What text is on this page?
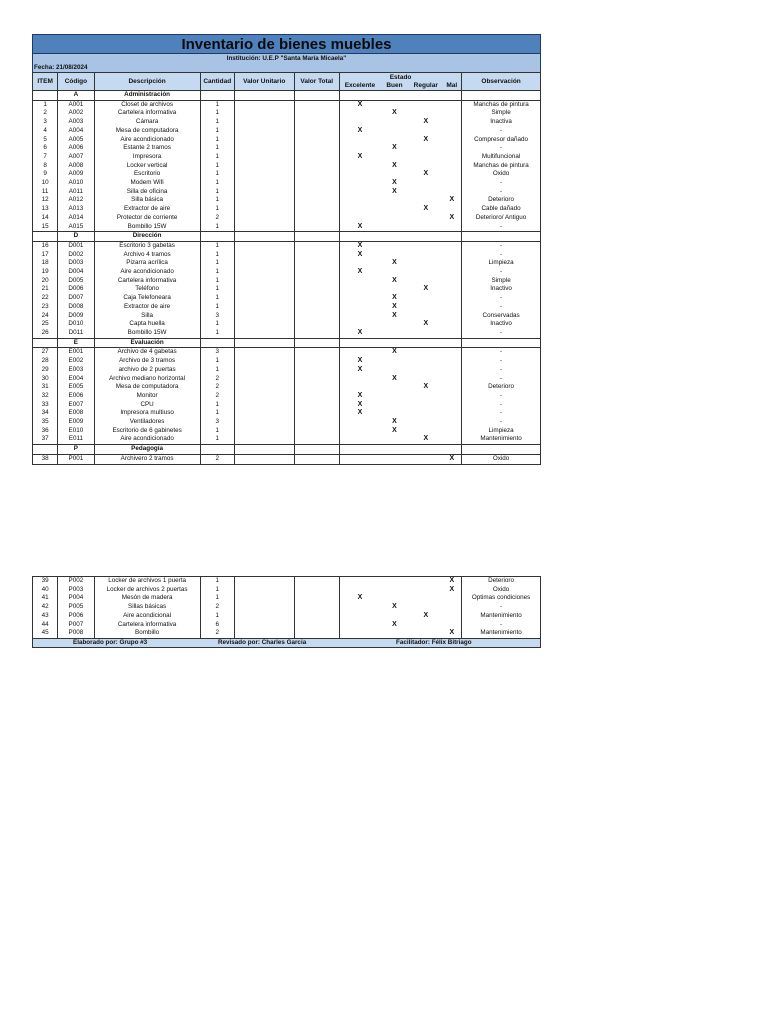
Inventario de bienes muebles
Institución: U.E.P "Santa María Micaela"
Fecha: 21/08/2024
ITEM	Código	Descripción	Cantidad	Valor Unitario	Valor Total	Estado				Observación
						Excelente	Buen	Regular	Mal	
	A	Administración								
1	A001	Closet de archivos	1			X				Manchas de pintura
2	A002	Cartelera informativa	1				X			Simple
3	A003	Cámara	1					X		Inactiva
4	A004	Mesa de computadora	1			X				-
5	A005	Aire acondicionado	1					X		Compresor dañado
6	A006	Estante 2 tramos	1				X			-
7	A007	Impresora	1			X				Multifuncional
8	A008	Locker vertical	1				X			Manchas de pintura
9	A009	Escritorio	1					X		Oxido
10	A010	Modem Wifi	1				X			-
11	A011	Silla de oficina	1				X			-
12	A012	Silla básica	1						X	Deterioro
13	A013	Extractor de aire	1					X		Cable dañado
14	A014	Protector de corriente	2						X	Deterioro/ Antiguo
15	A015	Bombillo 15W	1			X				-
	D	Dirección								
16	D001	Escritorio 3 gabetas	1			X				-
17	D002	Archivo 4 tramos	1			X				-
18	D003	Pizarra acrílica	1				X			Limpieza
19	D004	Aire acondicionado	1			X				-
20	D005	Cartelera informativa	1				X			Simple
21	D006	Teléfono	1					X		Inactivo
22	D007	Caja Telefoneara	1				X			-
23	D008	Extractor de aire	1				X			-
24	D009	Silla	3				X			Conservadas
25	D010	Capta huella	1					X		Inactivo
26	D011	Bombillo 15W	1			X				-
	E	Evaluación								
27	E001	Archivo de 4 gabetas	3				X			-
28	E002	Archivo de 3 tramos	1			X				-
29	E003	archivo de 2 puertas	1			X				-
30	E004	Archivo mediano horizontal	2				X			-
31	E005	Mesa de computadora	2					X		Deterioro
32	E006	Monitor	2			X				-
33	E007	CPU	1			X				-
34	E008	Impresora multiuso	1			X				-
35	E009	Ventiladores	3				X			-
36	E010	Escritorio de 6 gabinetes	1				X			Limpieza
37	E011	Aire acondicionado	1					X		Mantenimiento
	P	Pedagogía								
38	P001	Archivero 2 tramos	2						X	Oxido
39	P002	Locker de archivos 1 puerta	1						X	Deterioro
40	P003	Locker de archivos 2 puertas	1						X	Oxido
41	P004	Mesón de madera	1			X				Óptimas condiciones
42	P005	Sillas básicas	2				X			-
43	P006	Aire acondicional	1					X		Mantenimiento
44	P007	Cartelera informativa	6				X			-
45	P008	Bombillo	2						X	Mantenimiento
Elaborado por: Grupo #3	Revisado por: Charles Garcia	Facilitador: Félix Bitriago
